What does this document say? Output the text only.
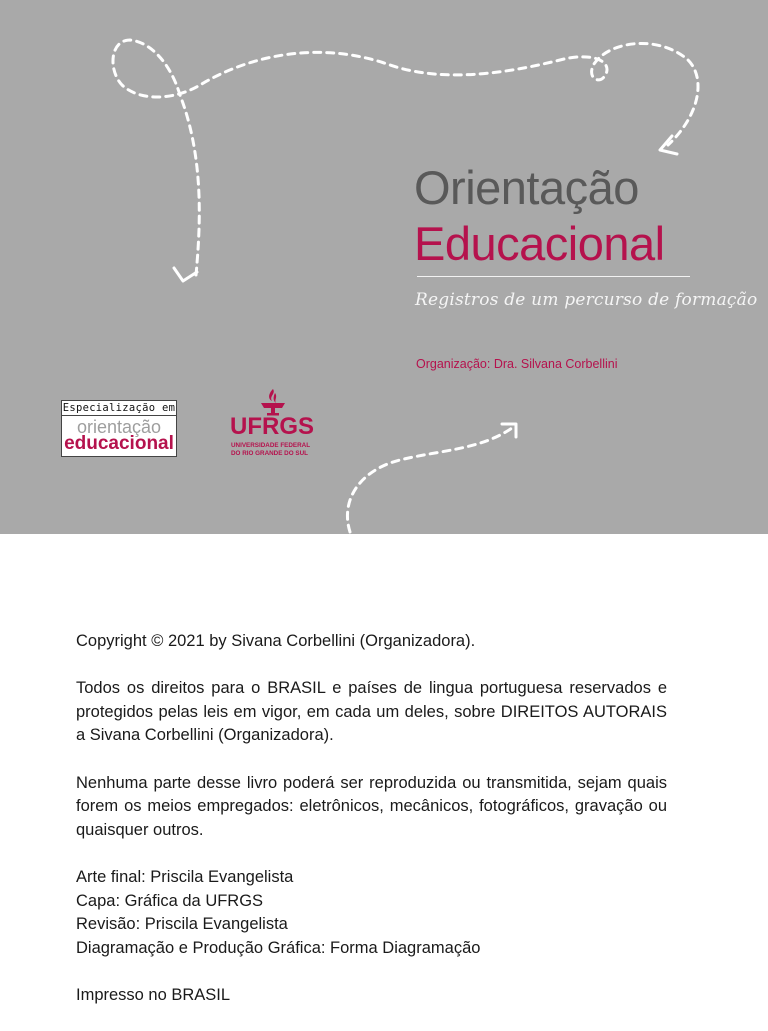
Orientação
Educacional
Registros de um percurso de formação
Organização: Dra. Silvana Corbellini
Especialização em
orientação
educacional
UFRGS
UNIVERSIDADE FEDERAL
DO RIO GRANDE DO SUL

Copyright © 2021 by Sivana Corbellini (Organizadora).

Todos os direitos para o BRASIL e países de lingua portuguesa reservados e protegidos pelas leis em vigor, em cada um deles, sobre DIREITOS AUTORAIS a Sivana Corbellini (Organizadora).

Nenhuma parte desse livro poderá ser reproduzida ou transmitida, sejam quais forem os meios empregados: eletrônicos, mecânicos, fotográficos, gravação ou quaisquer outros.

Arte final: Priscila Evangelista
Capa: Gráfica da UFRGS
Revisão: Priscila Evangelista
Diagramação e Produção Gráfica: Forma Diagramação

Impresso no BRASIL
